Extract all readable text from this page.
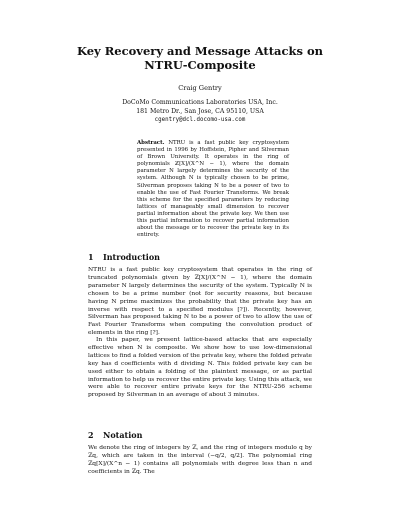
Key Recovery and Message Attacks on
NTRU-Composite
Craig Gentry
DoCoMo Communications Laboratories USA, Inc.
181 Metro Dr., San Jose, CA 95110, USA
cgentry@dcl.docomo-usa.com
Abstract. NTRU is a fast public key cryptosystem presented in 1996 by Hoffstein, Pipher and Silverman of Brown University. It operates in the ring of polynomials ℤ[X]/(X^N − 1), where the domain parameter N largely determines the security of the system. Although N is typically chosen to be prime, Silverman proposes taking N to be a power of two to enable the use of Fast Fourier Transforms. We break this scheme for the specified parameters by reducing lattices of manageably small dimension to recover partial information about the private key. We then use this partial information to recover partial information about the message or to recover the private key in its entirety.
1 Introduction
NTRU is a fast public key cryptosystem that operates in the ring of truncated polynomials given by ℤ[X]/(X^N − 1), where the domain parameter N largely determines the security of the system. Typically N is chosen to be a prime number (not for security reasons, but because having N prime maximizes the probability that the private key has an inverse with respect to a specified modulus [?]). Recently, however, Silverman has proposed taking N to be a power of two to allow the use of Fast Fourier Transforms when computing the convolution product of elements in the ring [?].
In this paper, we present lattice-based attacks that are especially effective when N is composite. We show how to use low-dimensional lattices to find a folded version of the private key, where the folded private key has d coefficients with d dividing N. This folded private key can be used either to obtain a folding of the plaintext message, or as partial information to help us recover the entire private key. Using this attack, we were able to recover entire private keys for the NTRU-256 scheme proposed by Silverman in an average of about 3 minutes.
2 Notation
We denote the ring of integers by ℤ, and the ring of integers modulo q by ℤq, which are taken in the interval (−q/2, q/2]. The polynomial ring ℤq[X]/(X^n − 1) contains all polynomials with degree less than n and coefficients in ℤq. The
